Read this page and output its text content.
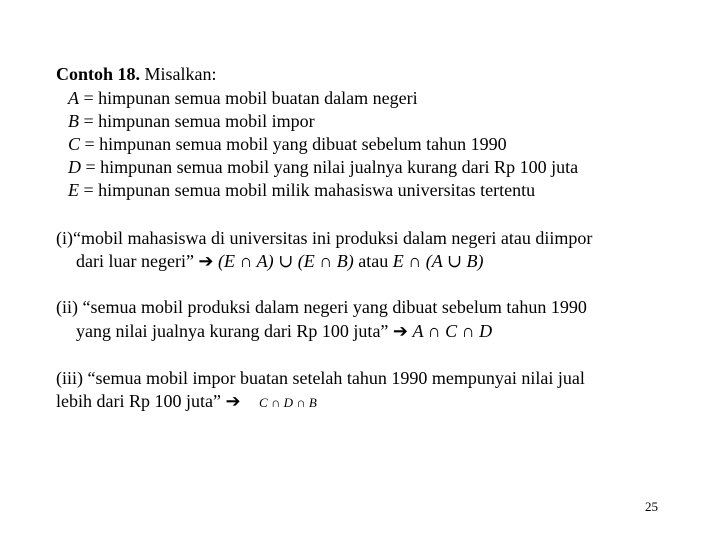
Contoh 18. Misalkan:
A = himpunan semua mobil buatan dalam negeri
B = himpunan semua mobil impor
C = himpunan semua mobil yang dibuat sebelum tahun 1990
D = himpunan semua mobil yang nilai jualnya kurang dari Rp 100 juta
E = himpunan semua mobil milik mahasiswa universitas tertentu
(i)“mobil mahasiswa di universitas ini produksi dalam negeri atau diimpor
dari luar negeri” ➔ (E ∩ A) ∪ (E ∩ B) atau E ∩ (A ∪ B)
(ii) “semua mobil produksi dalam negeri yang dibuat sebelum tahun 1990
yang nilai jualnya kurang dari Rp 100 juta” ➔ A ∩ C ∩ D
(iii) “semua mobil impor buatan setelah tahun 1990 mempunyai nilai jual
lebih dari Rp 100 juta” ➔ C ∩ D ∩ B
25
